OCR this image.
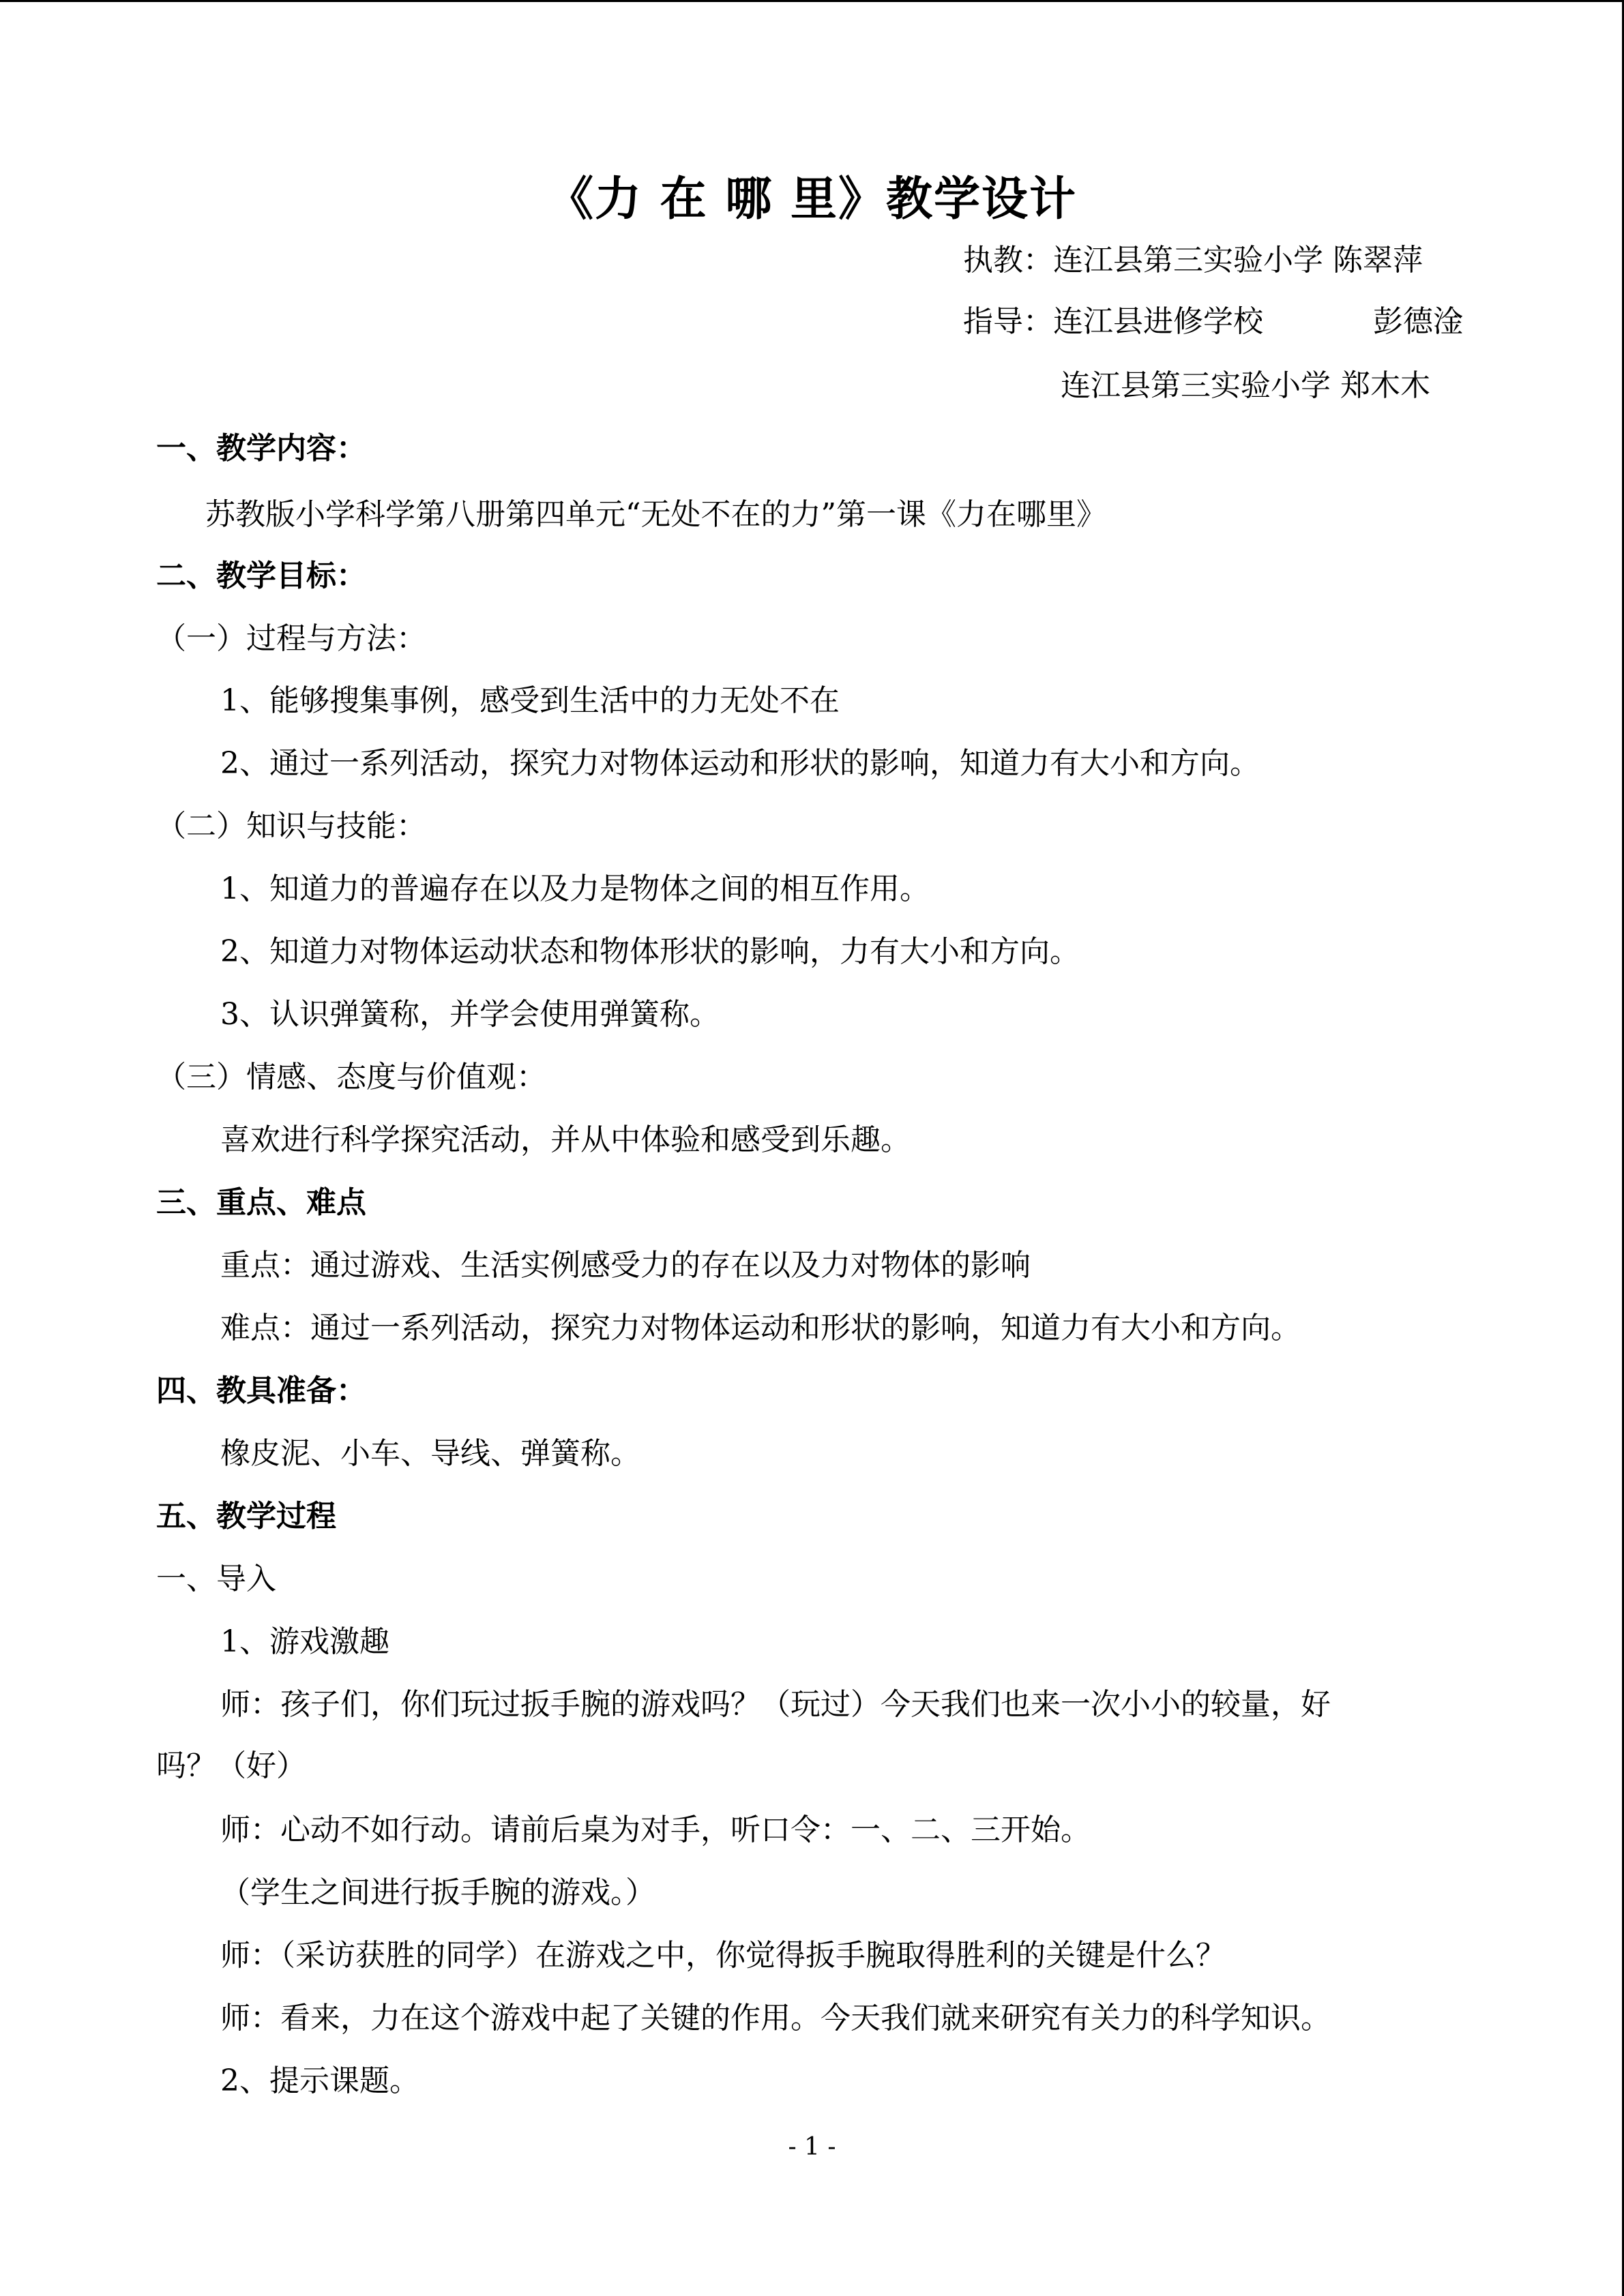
《力 在 哪 里》教学设计
执教：连江县第三实验小学 陈翠萍
指导：连江县进修学校	彭德淦
连江县第三实验小学 郑木木
一、教学内容：
苏教版小学科学第八册第四单元“无处不在的力”第一课《力在哪里》
二、教学目标：
（一）过程与方法：
1、能够搜集事例，感受到生活中的力无处不在
2、通过一系列活动，探究力对物体运动和形状的影响，知道力有大小和方向。
（二）知识与技能：
1、知道力的普遍存在以及力是物体之间的相互作用。
2、知道力对物体运动状态和物体形状的影响，力有大小和方向。
3、认识弹簧称，并学会使用弹簧称。
（三）情感、态度与价值观：
喜欢进行科学探究活动，并从中体验和感受到乐趣。
三、重点、难点
重点：通过游戏、生活实例感受力的存在以及力对物体的影响
难点：通过一系列活动，探究力对物体运动和形状的影响，知道力有大小和方向。
四、教具准备：
橡皮泥、小车、导线、弹簧称。
五、教学过程
一、导入
1、游戏激趣
师：孩子们，你们玩过扳手腕的游戏吗？（玩过）今天我们也来一次小小的较量，好
吗？（好）
师：心动不如行动。请前后桌为对手，听口令：一、二、三开始。
（学生之间进行扳手腕的游戏。）
师：（采访获胜的同学）在游戏之中，你觉得扳手腕取得胜利的关键是什么？
师：看来，力在这个游戏中起了关键的作用。今天我们就来研究有关力的科学知识。
2、提示课题。
- 1 -
